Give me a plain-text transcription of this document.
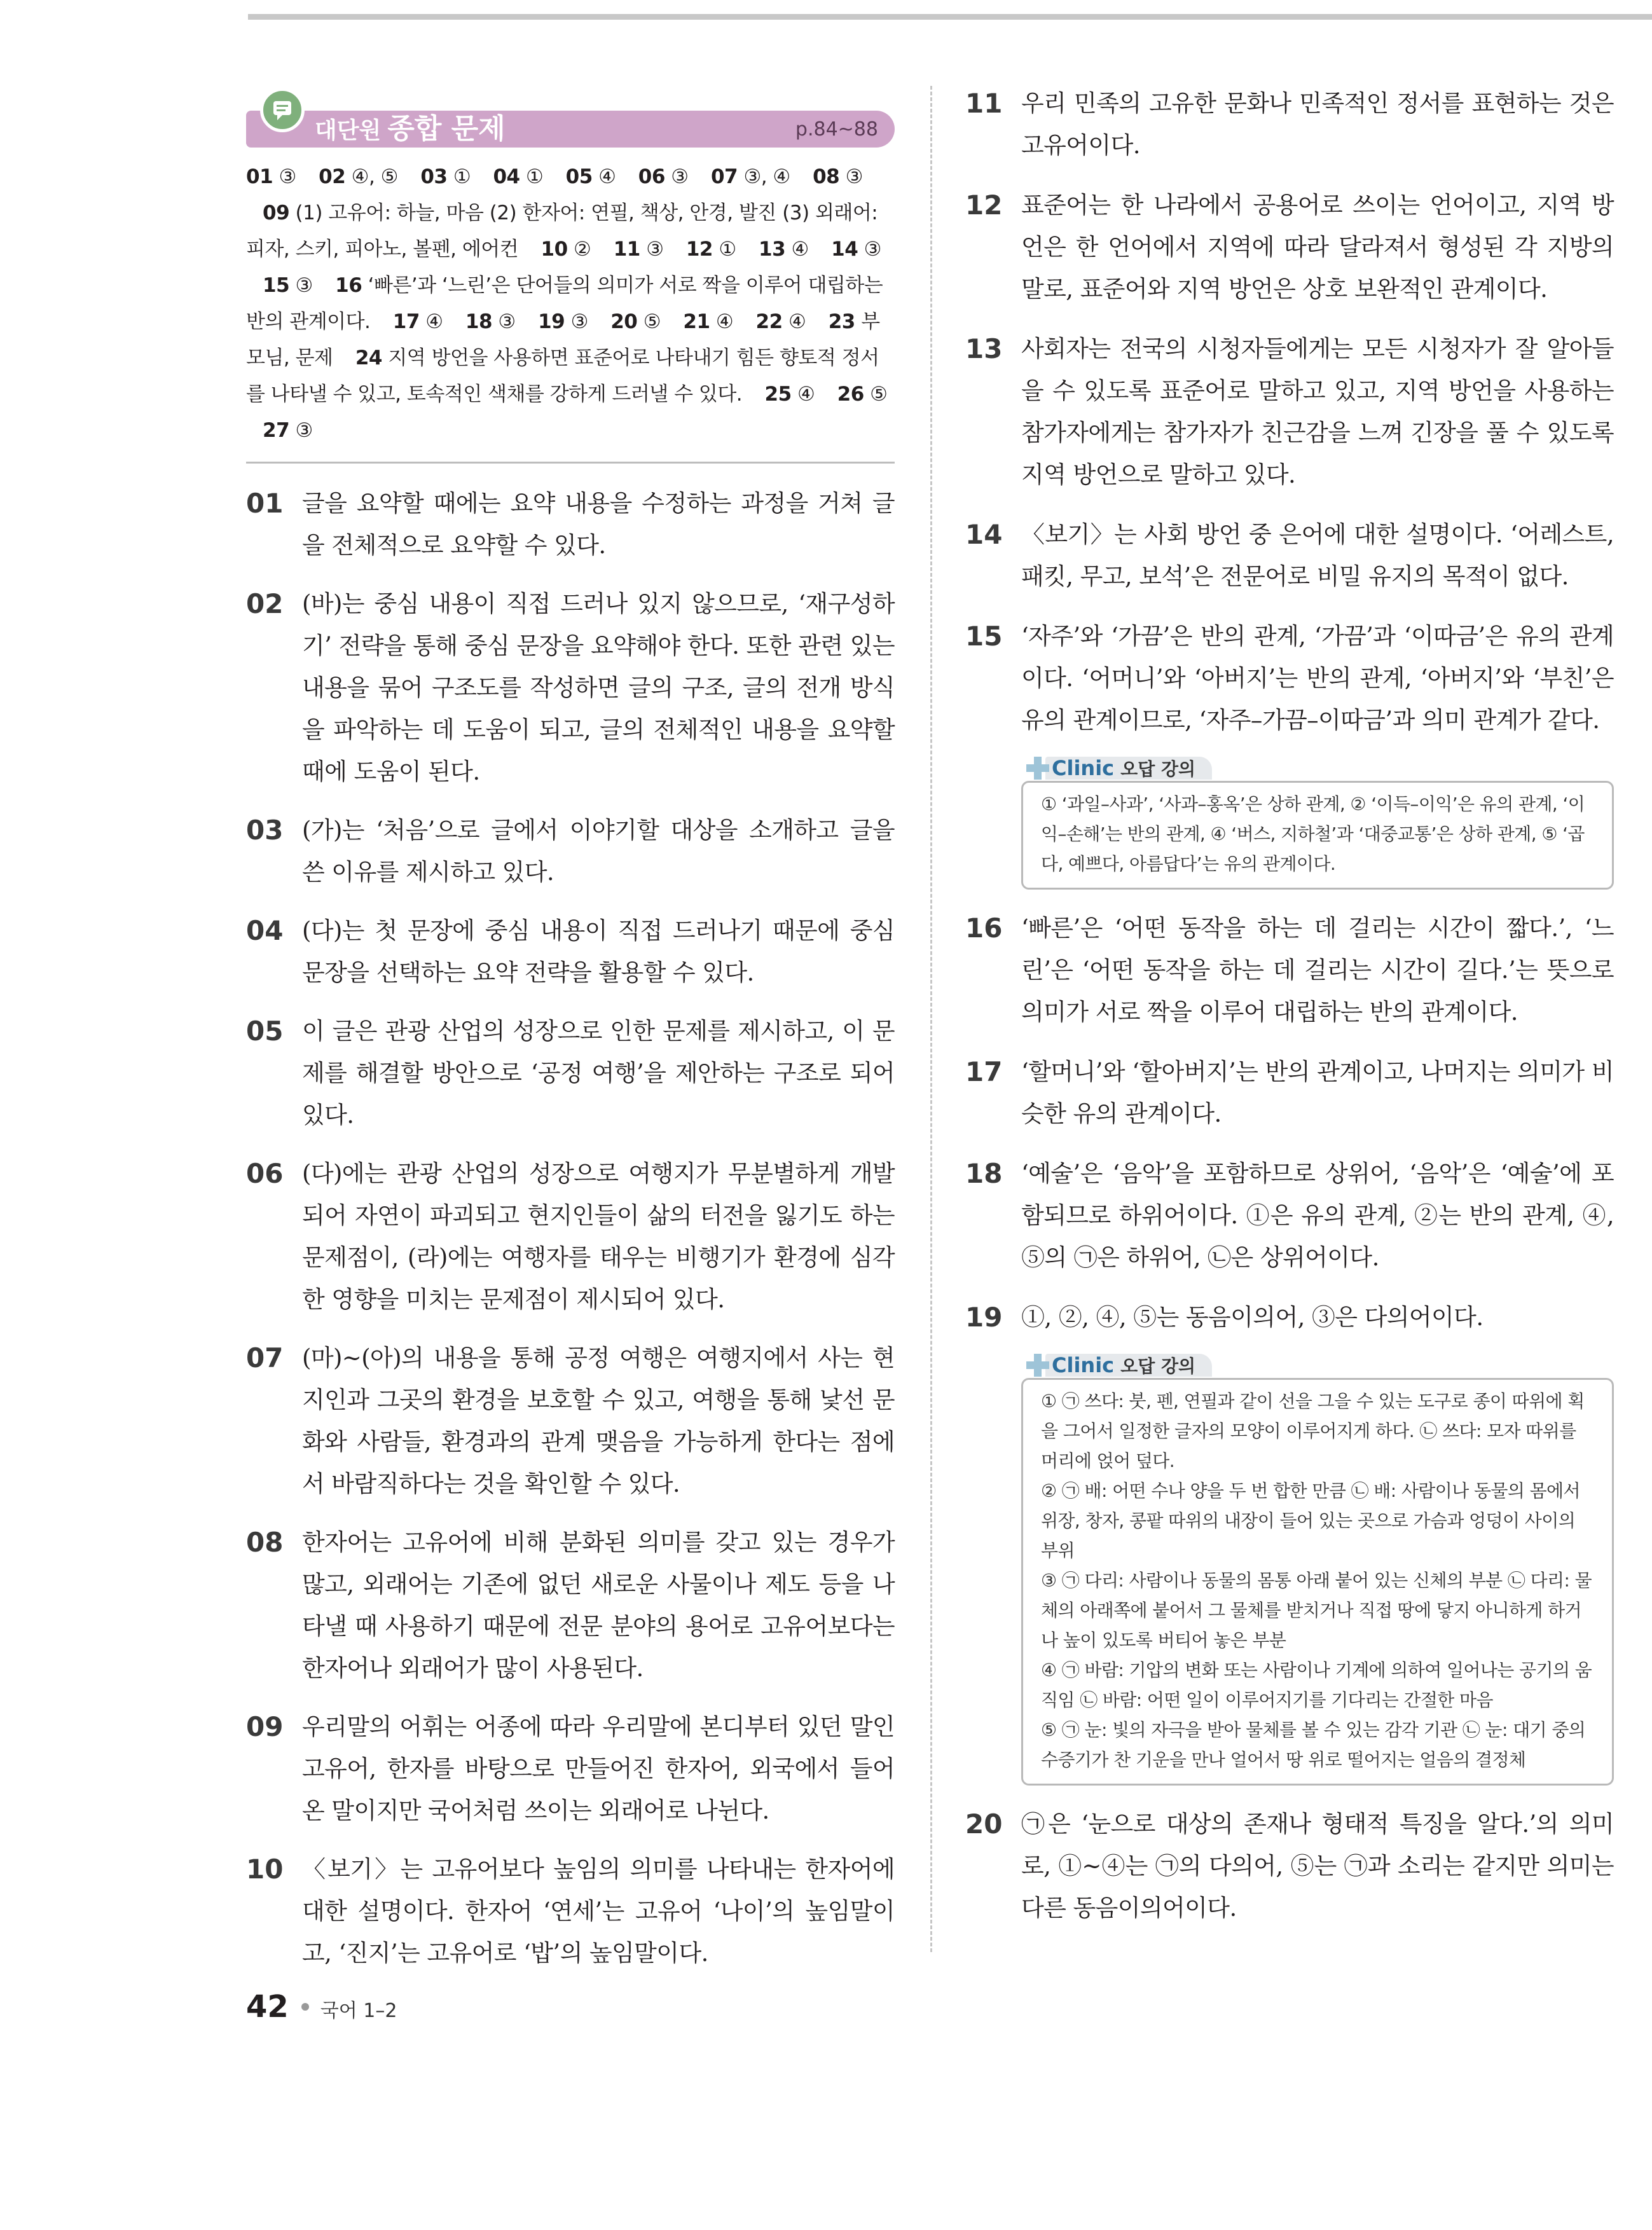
대단원 종합 문제	p.84~88
01 ③ 02 ④, ⑤ 03 ① 04 ① 05 ④ 06 ③ 07 ③, ④ 08 ③ 09 (1) 고유어: 하늘, 마음 (2) 한자어: 연필, 책상, 안경, 발진 (3) 외래어: 피자, 스키, 피아노, 볼펜, 에어컨 10 ② 11 ③ 12 ① 13 ④ 14 ③ 15 ③ 16 ‘빠른’과 ‘느린’은 단어들의 의미가 서로 짝을 이루어 대립하는 반의 관계이다. 17 ④ 18 ③ 19 ③ 20 ⑤ 21 ④ 22 ④ 23 부모님, 문제 24 지역 방언을 사용하면 표준어로 나타내기 힘든 향토적 정서를 나타낼 수 있고, 토속적인 색채를 강하게 드러낼 수 있다. 25 ④ 26 ⑤ 27 ③
01 글을 요약할 때에는 요약 내용을 수정하는 과정을 거쳐 글을 전체적으로 요약할 수 있다.
02 (바)는 중심 내용이 직접 드러나 있지 않으므로, ‘재구성하기’ 전략을 통해 중심 문장을 요약해야 한다. 또한 관련 있는 내용을 묶어 구조도를 작성하면 글의 구조, 글의 전개 방식을 파악하는 데 도움이 되고, 글의 전체적인 내용을 요약할 때에 도움이 된다.
03 (가)는 ‘처음’으로 글에서 이야기할 대상을 소개하고 글을 쓴 이유를 제시하고 있다.
04 (다)는 첫 문장에 중심 내용이 직접 드러나기 때문에 중심 문장을 선택하는 요약 전략을 활용할 수 있다.
05 이 글은 관광 산업의 성장으로 인한 문제를 제시하고, 이 문제를 해결할 방안으로 ‘공정 여행’을 제안하는 구조로 되어 있다.
06 (다)에는 관광 산업의 성장으로 여행지가 무분별하게 개발되어 자연이 파괴되고 현지인들이 삶의 터전을 잃기도 하는 문제점이, (라)에는 여행자를 태우는 비행기가 환경에 심각한 영향을 미치는 문제점이 제시되어 있다.
07 (마)~(아)의 내용을 통해 공정 여행은 여행지에서 사는 현지인과 그곳의 환경을 보호할 수 있고, 여행을 통해 낯선 문화와 사람들, 환경과의 관계 맺음을 가능하게 한다는 점에서 바람직하다는 것을 확인할 수 있다.
08 한자어는 고유어에 비해 분화된 의미를 갖고 있는 경우가 많고, 외래어는 기존에 없던 새로운 사물이나 제도 등을 나타낼 때 사용하기 때문에 전문 분야의 용어로 고유어보다는 한자어나 외래어가 많이 사용된다.
09 우리말의 어휘는 어종에 따라 우리말에 본디부터 있던 말인 고유어, 한자를 바탕으로 만들어진 한자어, 외국에서 들어온 말이지만 국어처럼 쓰이는 외래어로 나뉜다.
10 〈보기〉는 고유어보다 높임의 의미를 나타내는 한자어에 대한 설명이다. 한자어 ‘연세’는 고유어 ‘나이’의 높임말이고, ‘진지’는 고유어로 ‘밥’의 높임말이다.
11 우리 민족의 고유한 문화나 민족적인 정서를 표현하는 것은 고유어이다.
12 표준어는 한 나라에서 공용어로 쓰이는 언어이고, 지역 방언은 한 언어에서 지역에 따라 달라져서 형성된 각 지방의 말로, 표준어와 지역 방언은 상호 보완적인 관계이다.
13 사회자는 전국의 시청자들에게는 모든 시청자가 잘 알아들을 수 있도록 표준어로 말하고 있고, 지역 방언을 사용하는 참가자에게는 참가자가 친근감을 느껴 긴장을 풀 수 있도록 지역 방언으로 말하고 있다.
14 〈보기〉는 사회 방언 중 은어에 대한 설명이다. ‘어레스트, 패킷, 무고, 보석’은 전문어로 비밀 유지의 목적이 없다.
15 ‘자주’와 ‘가끔’은 반의 관계, ‘가끔’과 ‘이따금’은 유의 관계이다. ‘어머니’와 ‘아버지’는 반의 관계, ‘아버지’와 ‘부친’은 유의 관계이므로, ‘자주–가끔–이따금’과 의미 관계가 같다.
Clinic 오답 강의
① ‘과일–사과’, ‘사과–홍옥’은 상하 관계, ② ‘이득–이익’은 유의 관계, ‘이익–손해’는 반의 관계, ④ ‘버스, 지하철’과 ‘대중교통’은 상하 관계, ⑤ ‘곱다, 예쁘다, 아름답다’는 유의 관계이다.
16 ‘빠른’은 ‘어떤 동작을 하는 데 걸리는 시간이 짧다.’, ‘느린’은 ‘어떤 동작을 하는 데 걸리는 시간이 길다.’는 뜻으로 의미가 서로 짝을 이루어 대립하는 반의 관계이다.
17 ‘할머니’와 ‘할아버지’는 반의 관계이고, 나머지는 의미가 비슷한 유의 관계이다.
18 ‘예술’은 ‘음악’을 포함하므로 상위어, ‘음악’은 ‘예술’에 포함되므로 하위어이다. ①은 유의 관계, ②는 반의 관계, ④, ⑤의 ㉠은 하위어, ㉡은 상위어이다.
19 ①, ②, ④, ⑤는 동음이의어, ③은 다의어이다.
Clinic 오답 강의
① ㉠ 쓰다: 붓, 펜, 연필과 같이 선을 그을 수 있는 도구로 종이 따위에 획을 그어서 일정한 글자의 모양이 이루어지게 하다. ㉡ 쓰다: 모자 따위를 머리에 얹어 덮다.
② ㉠ 배: 어떤 수나 양을 두 번 합한 만큼 ㉡ 배: 사람이나 동물의 몸에서 위장, 창자, 콩팥 따위의 내장이 들어 있는 곳으로 가슴과 엉덩이 사이의 부위
③ ㉠ 다리: 사람이나 동물의 몸통 아래 붙어 있는 신체의 부분 ㉡ 다리: 물체의 아래쪽에 붙어서 그 물체를 받치거나 직접 땅에 닿지 아니하게 하거나 높이 있도록 버티어 놓은 부분
④ ㉠ 바람: 기압의 변화 또는 사람이나 기계에 의하여 일어나는 공기의 움직임 ㉡ 바람: 어떤 일이 이루어지기를 기다리는 간절한 마음
⑤ ㉠ 눈: 빛의 자극을 받아 물체를 볼 수 있는 감각 기관 ㉡ 눈: 대기 중의 수증기가 찬 기운을 만나 얼어서 땅 위로 떨어지는 얼음의 결정체
20 ㉠은 ‘눈으로 대상의 존재나 형태적 특징을 알다.’의 의미로, ①~④는 ㉠의 다의어, ⑤는 ㉠과 소리는 같지만 의미는 다른 동음이의어이다.
42 국어 1–2
